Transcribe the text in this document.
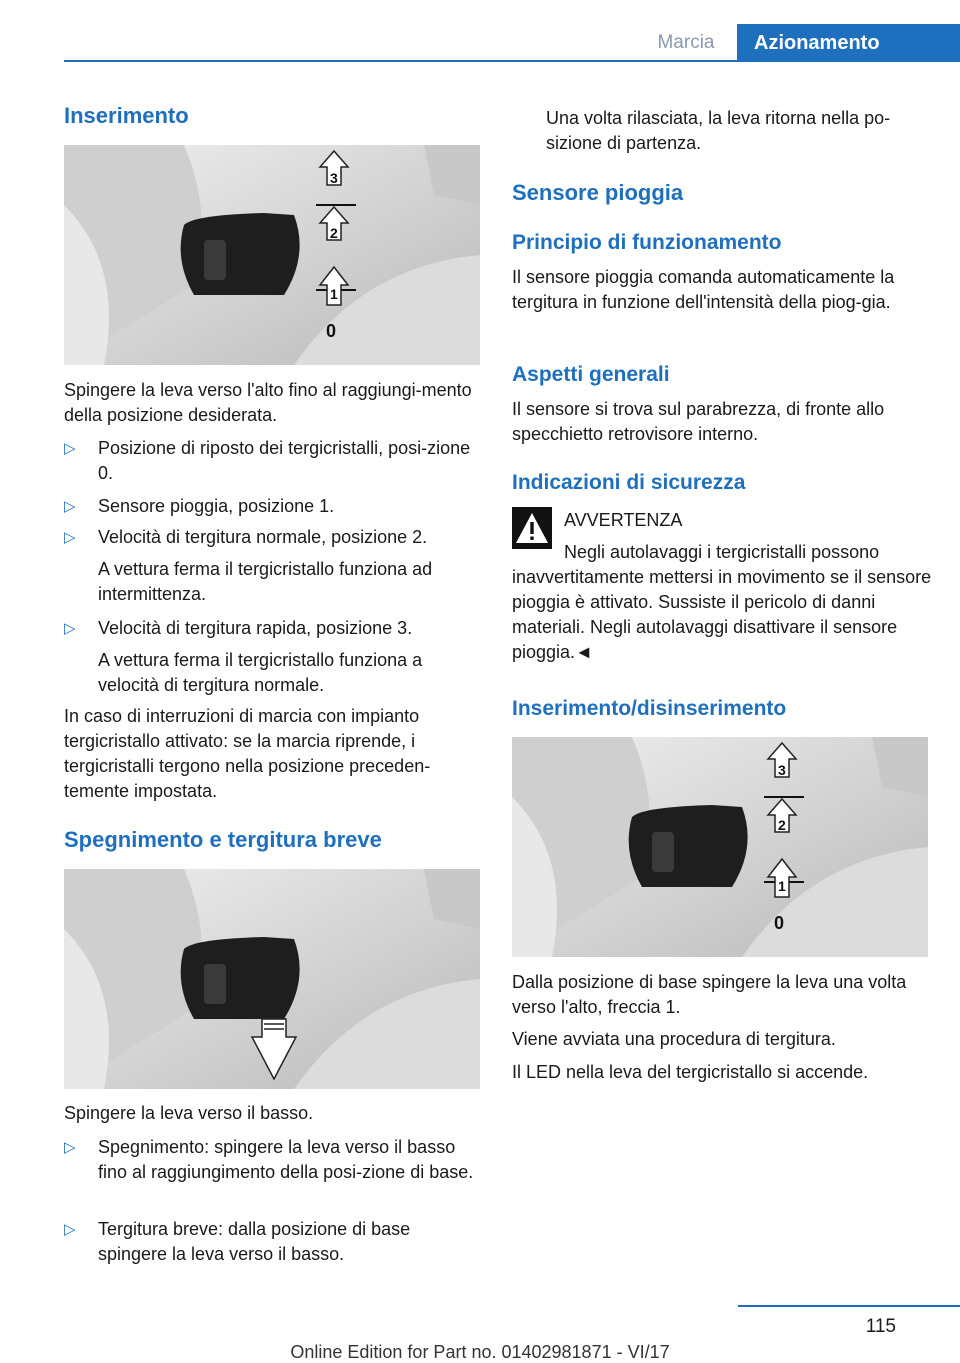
Marcia	Azionamento
Inserimento
3
2
1
0

Spingere la leva verso l'alto fino al raggiungi-mento della posizione desiderata.

▷ Posizione di riposto dei tergicristalli, posi-zione 0.
▷ Sensore pioggia, posizione 1.
▷ Velocità di tergitura normale, posizione 2.
A vettura ferma il tergicristallo funziona ad intermittenza.
▷ Velocità di tergitura rapida, posizione 3.
A vettura ferma il tergicristallo funziona a velocità di tergitura normale.

In caso di interruzioni di marcia con impianto tergicristallo attivato: se la marcia riprende, i tergicristalli tergono nella posizione preceden-temente impostata.

Spegnimento e tergitura breve

Spingere la leva verso il basso.

▷ Spegnimento: spingere la leva verso il basso fino al raggiungimento della posi-zione di base.
▷ Tergitura breve: dalla posizione di base spingere la leva verso il basso.

Una volta rilasciata, la leva ritorna nella po-sizione di partenza.

Sensore pioggia
Principio di funzionamento

Il sensore pioggia comanda automaticamente la tergitura in funzione dell'intensità della piog-gia.

Aspetti generali

Il sensore si trova sul parabrezza, di fronte allo specchietto retrovisore interno.

Indicazioni di sicurezza

AVVERTENZA

Negli autolavaggi i tergicristalli possono

inavvertitamente mettersi in movimento se il sensore pioggia è attivato. Sussiste il pericolo di danni materiali. Negli autolavaggi disattivare il sensore pioggia.◄

Inserimento/disinserimento
3
2
1
0

Dalla posizione di base spingere la leva una volta verso l'alto, freccia 1.

Viene avviata una procedura di tergitura.

Il LED nella leva del tergicristallo si accende.

115
Online Edition for Part no. 01402981871 - VI/17
